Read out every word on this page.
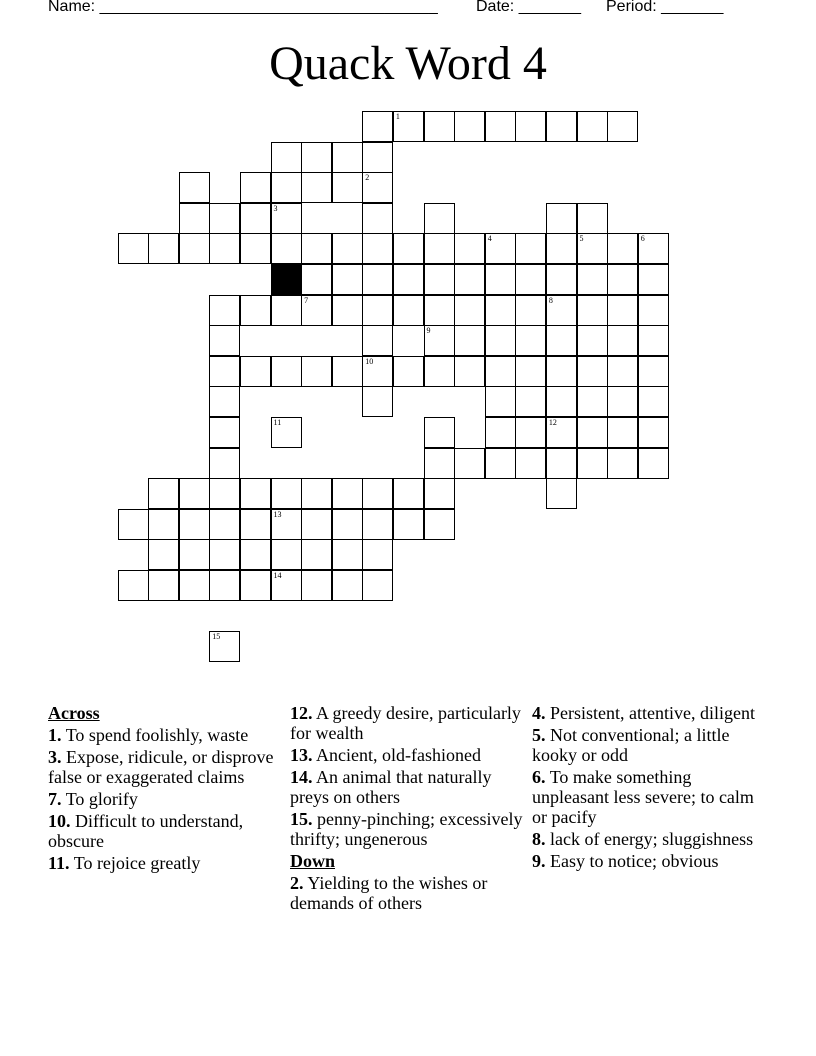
Name: ______________________________________ Date: _______ Period: _______
Quack Word 4
2
7
10
13
14
9
4
12
8
5
1
3
6
11
15
Across
1. To spend foolishly, waste
3. Expose, ridicule, or disprove false or exaggerated claims
7. To glorify
10. Difficult to understand, obscure
11. To rejoice greatly
12. A greedy desire, particularly for wealth
13. Ancient, old-fashioned
14. An animal that naturally preys on others
15. penny-pinching; excessively thrifty; ungenerous
Down
2. Yielding to the wishes or demands of others
4. Persistent, attentive, diligent
5. Not conventional; a little kooky or odd
6. To make something unpleasant less severe; to calm or pacify
8. lack of energy; sluggishness
9. Easy to notice; obvious
